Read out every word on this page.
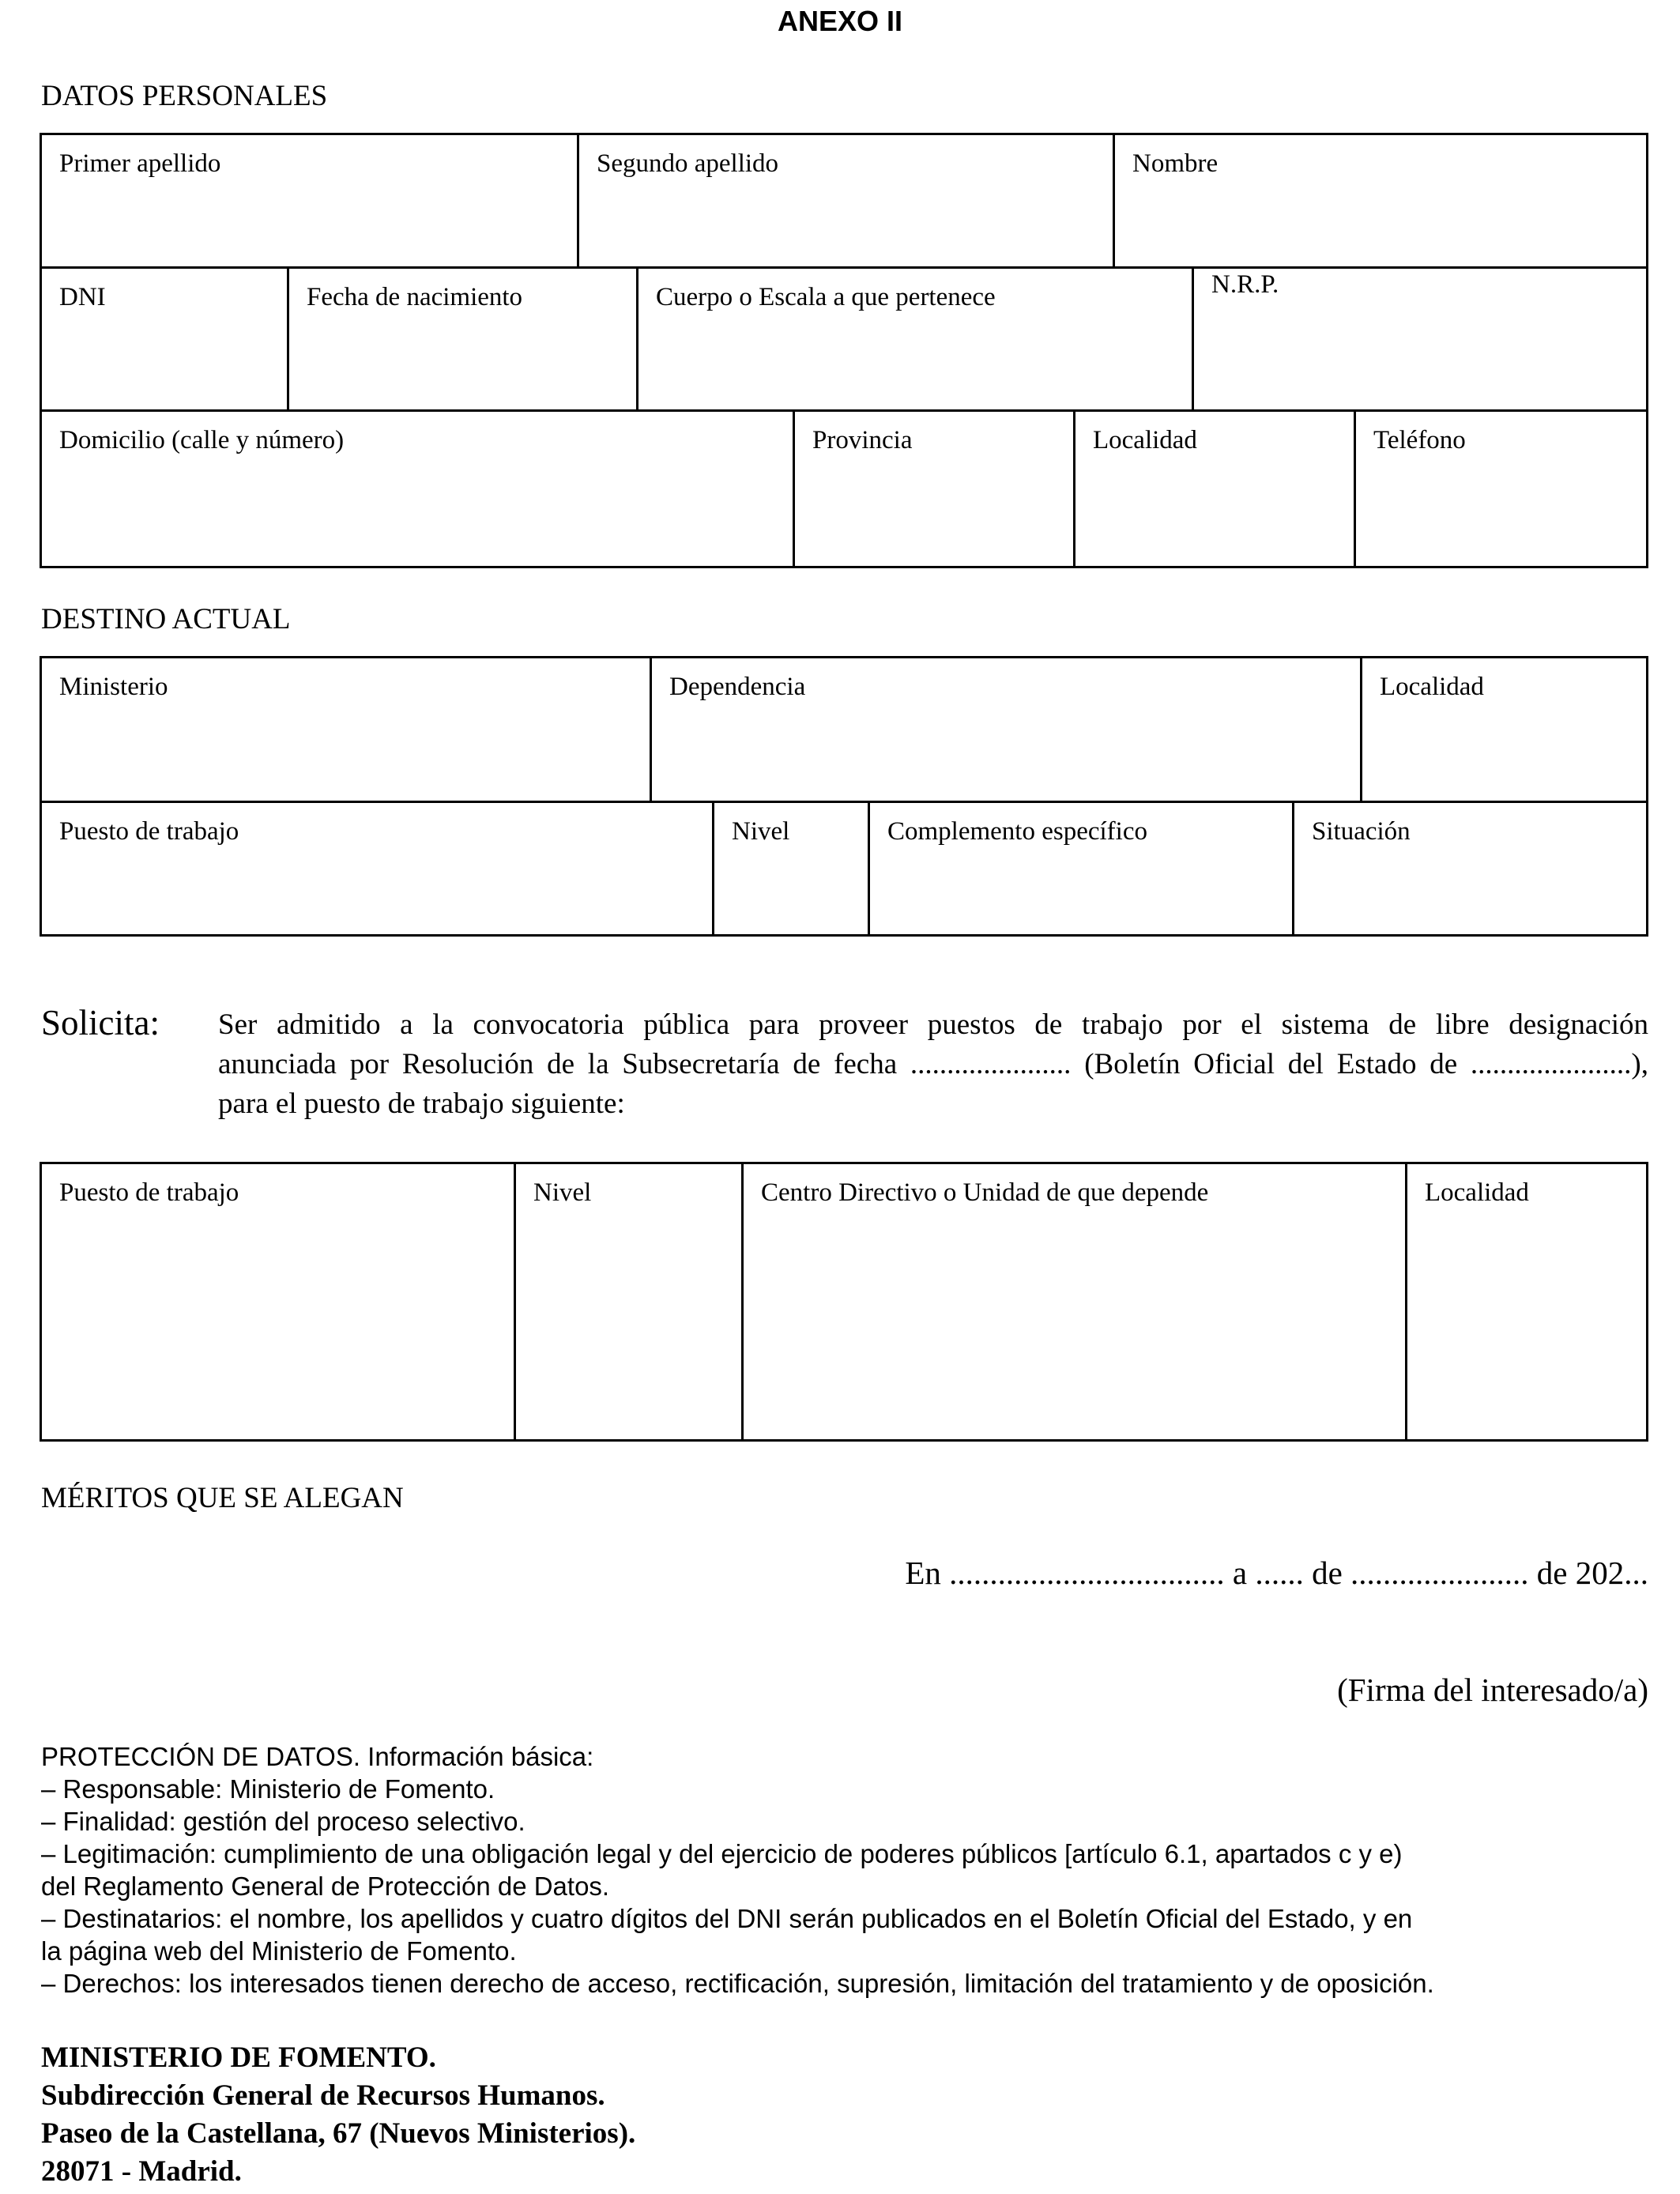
ANEXO II
DATOS PERSONALES
Primer apellido	Segundo apellido	Nombre
DNI	Fecha de nacimiento	Cuerpo o Escala a que pertenece	N.R.P.
Domicilio (calle y número)	Provincia	Localidad	Teléfono
DESTINO ACTUAL
Ministerio	Dependencia	Localidad
Puesto de trabajo	Nivel	Complemento específico	Situación
Solicita: Ser admitido a la convocatoria pública para proveer puestos de trabajo por el sistema de libre designación
anunciada por Resolución de la Subsecretaría de fecha ...................... (Boletín Oficial del Estado de ......................),
para el puesto de trabajo siguiente:
Puesto de trabajo	Nivel	Centro Directivo o Unidad de que depende	Localidad
MÉRITOS QUE SE ALEGAN
En .................................. a ...... de ...................... de 202...
(Firma del interesado/a)
PROTECCIÓN DE DATOS. Información básica:
– Responsable: Ministerio de Fomento.
– Finalidad: gestión del proceso selectivo.
– Legitimación: cumplimiento de una obligación legal y del ejercicio de poderes públicos [artículo 6.1, apartados c y e)
del Reglamento General de Protección de Datos.
– Destinatarios: el nombre, los apellidos y cuatro dígitos del DNI serán publicados en el Boletín Oficial del Estado, y en
la página web del Ministerio de Fomento.
– Derechos: los interesados tienen derecho de acceso, rectificación, supresión, limitación del tratamiento y de oposición.
MINISTERIO DE FOMENTO.
Subdirección General de Recursos Humanos.
Paseo de la Castellana, 67 (Nuevos Ministerios).
28071 - Madrid.
